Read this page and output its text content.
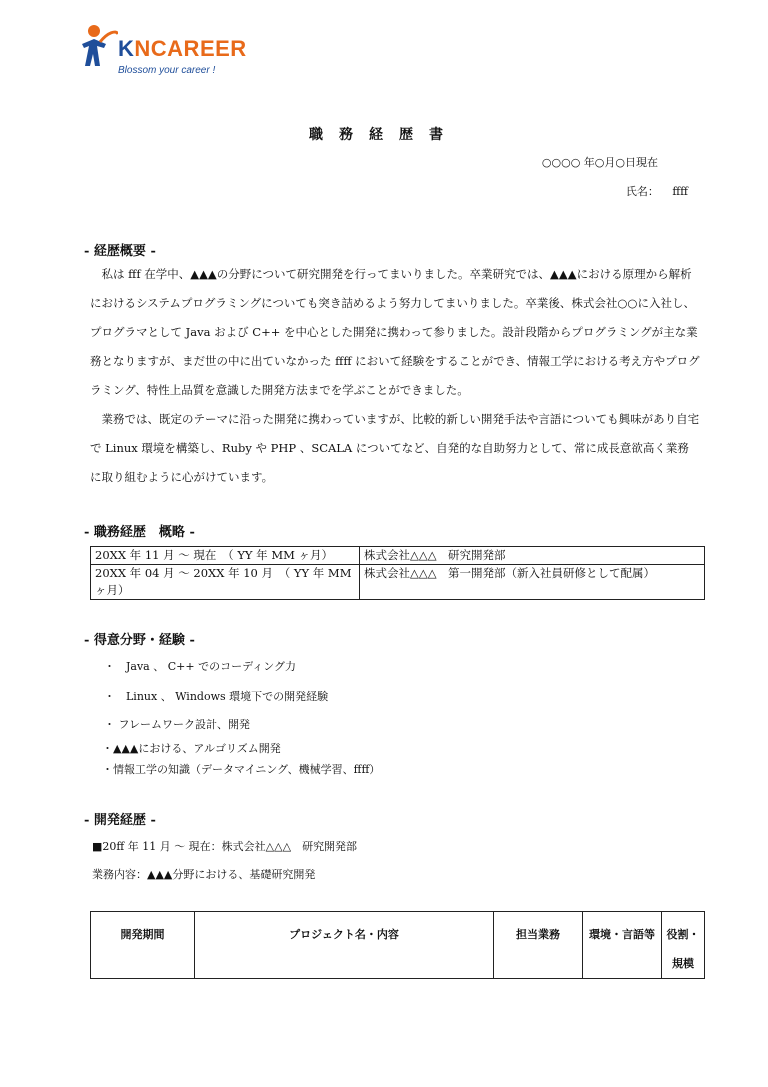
KNCAREER
Blossom your career !
職務経歴書
○○○○ 年○月○日現在
氏名： ffff
- 経歴概要 -

　私は fff 在学中、▲▲▲の分野について研究開発を行ってまいりました。卒業研究では、▲▲▲における原理から解析におけるシステムプログラミングについても突き詰めるよう努力してまいりました。卒業後、株式会社○○に入社し、プログラマとして Java および C++ を中心とした開発に携わって参りました。設計段階からプログラミングが主な業務となりますが、まだ世の中に出ていなかった ffff において経験をすることができ、情報工学における考え方やプログラミング、特性上品質を意識した開発方法までを学ぶことができました。

　業務では、既定のテーマに沿った開発に携わっていますが、比較的新しい開発手法や言語についても興味があり自宅で Linux 環境を構築し、Ruby や PHP 、SCALA についてなど、自発的な自助努力として、常に成長意欲高く業務に取り組むように心がけています。

- 職務経歴　概略 -
20XX 年 11 月 ～ 現在　（ YY 年 MM ヶ月）	株式会社△△△　研究開発部
20XX 年 04 月 ～ 20XX 年 10 月　（ YY 年 MM ヶ月）	株式会社△△△　第一開発部（新入社員研修として配属）
- 得意分野・経験 -
・　Java 、 C++ でのコーディング力
・　Linux 、 Windows 環境下での開発経験
・ フレームワーク設計、開発
・▲▲▲における、アルゴリズム開発
・情報工学の知識（データマイニング、機械学習、ffff）
- 開発経歴 -
■20ff 年 11 月 ～ 現在：株式会社△△△　研究開発部
業務内容：▲▲▲分野における、基礎研究開発
開発期間	プロジェクト名・内容	担当業務	環境・言語等	役割・規模
